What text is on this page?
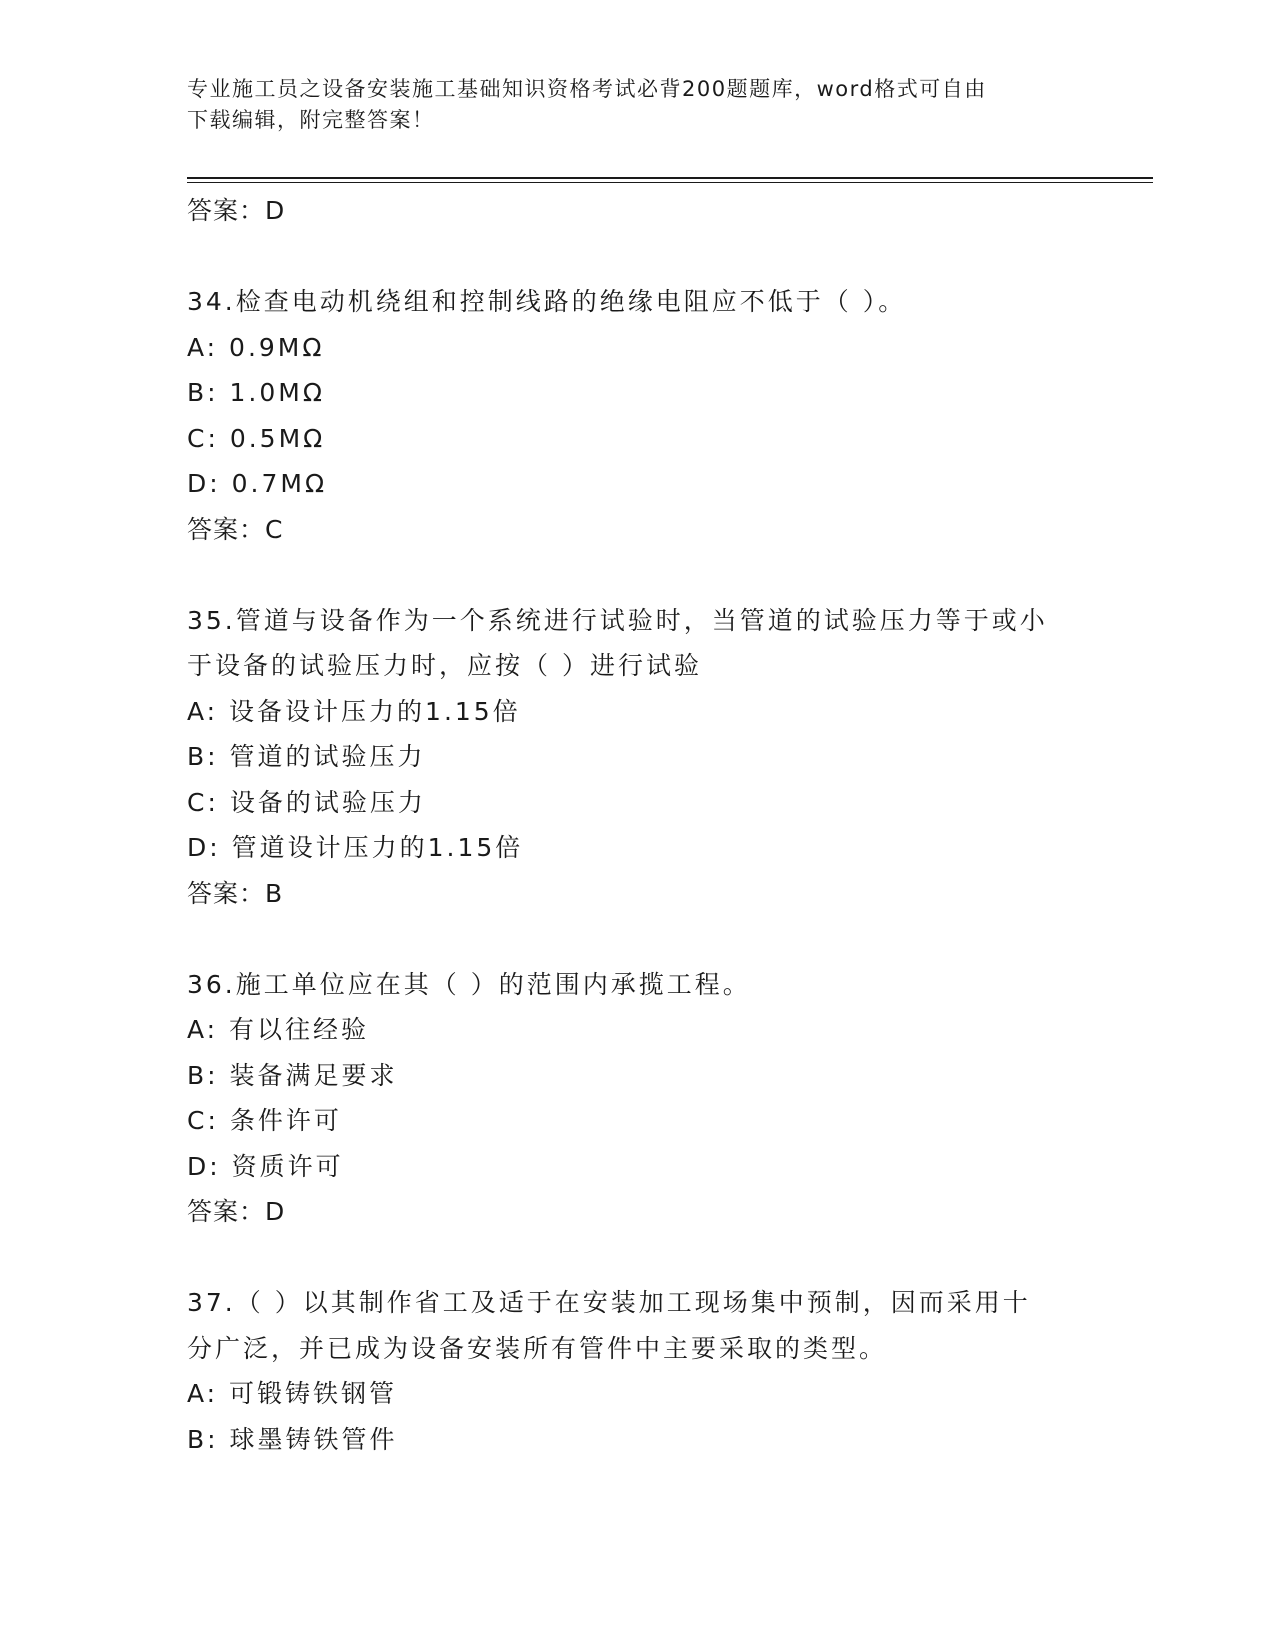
专业施工员之设备安装施工基础知识资格考试必背200题题库，word格式可自由
下载编辑，附完整答案！
答案：D
34.检查电动机绕组和控制线路的绝缘电阻应不低于（ ）。
A: 0.9MΩ
B: 1.0MΩ
C: 0.5MΩ
D: 0.7MΩ
答案：C
35.管道与设备作为一个系统进行试验时，当管道的试验压力等于或小
于设备的试验压力时，应按（ ）进行试验
A: 设备设计压力的1.15倍
B: 管道的试验压力
C: 设备的试验压力
D: 管道设计压力的1.15倍
答案：B
36.施工单位应在其（ ）的范围内承揽工程。
A: 有以往经验
B: 装备满足要求
C: 条件许可
D: 资质许可
答案：D
37.（ ）以其制作省工及适于在安装加工现场集中预制，因而采用十
分广泛，并已成为设备安装所有管件中主要采取的类型。
A: 可锻铸铁钢管
B: 球墨铸铁管件
